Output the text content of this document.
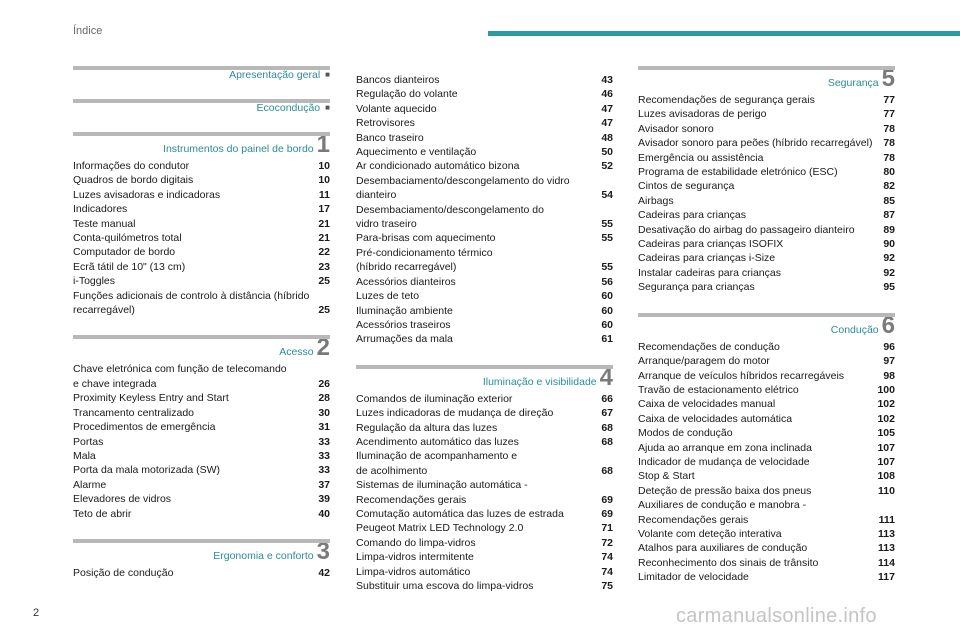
Índice
Apresentação geral ■
Ecocondução ■
Instrumentos do painel de bordo 1
Informações do condutor	10
Quadros de bordo digitais	10
Luzes avisadoras e indicadoras	11
Indicadores	17
Teste manual	21
Conta-quilómetros total	21
Computador de bordo	22
Ecrã tátil de 10" (13 cm)	23
i-Toggles	25
Funções adicionais de controlo à distância (híbrido
recarregável)	25
Acesso 2
Chave eletrónica com função de telecomando
e chave integrada	26
Proximity Keyless Entry and Start	28
Trancamento centralizado	30
Procedimentos de emergência	31
Portas	33
Mala	33
Porta da mala motorizada (SW)	33
Alarme	37
Elevadores de vidros	39
Teto de abrir	40
Ergonomia e conforto 3
Posição de condução	42
Bancos dianteiros	43
Regulação do volante	46
Volante aquecido	47
Retrovisores	47
Banco traseiro	48
Aquecimento e ventilação	50
Ar condicionado automático bizona	52
Desembaciamento/descongelamento do vidro
dianteiro	54
Desembaciamento/descongelamento do
vidro traseiro	55
Para-brisas com aquecimento	55
Pré-condicionamento térmico
(híbrido recarregável)	55
Acessórios dianteiros	56
Luzes de teto	60
Iluminação ambiente	60
Acessórios traseiros	60
Arrumações da mala	61
Iluminação e visibilidade 4
Comandos de iluminação exterior	66
Luzes indicadoras de mudança de direção	67
Regulação da altura das luzes	68
Acendimento automático das luzes	68
Iluminação de acompanhamento e
de acolhimento	68
Sistemas de iluminação automática -
Recomendações gerais	69
Comutação automática das luzes de estrada	69
Peugeot Matrix LED Technology 2.0	71
Comando do limpa-vidros	72
Limpa-vidros intermitente	74
Limpa-vidros automático	74
Substituir uma escova do limpa-vidros	75
Segurança 5
Recomendações de segurança gerais	77
Luzes avisadoras de perigo	77
Avisador sonoro	78
Avisador sonoro para peões (híbrido recarregável)	78
Emergência ou assistência	78
Programa de estabilidade eletrónico (ESC)	80
Cintos de segurança	82
Airbags	85
Cadeiras para crianças	87
Desativação do airbag do passageiro dianteiro	89
Cadeiras para crianças ISOFIX	90
Cadeiras para crianças i-Size	92
Instalar cadeiras para crianças	92
Segurança para crianças	95
Condução 6
Recomendações de condução	96
Arranque/paragem do motor	97
Arranque de veículos híbridos recarregáveis	98
Travão de estacionamento elétrico	100
Caixa de velocidades manual	102
Caixa de velocidades automática	102
Modos de condução	105
Ajuda ao arranque em zona inclinada	107
Indicador de mudança de velocidade	107
Stop & Start	108
Deteção de pressão baixa dos pneus	110
Auxiliares de condução e manobra -
Recomendações gerais	111
Volante com deteção interativa	113
Atalhos para auxiliares de condução	113
Reconhecimento dos sinais de trânsito	114
Limitador de velocidade	117
2	carmanualsonline.info
